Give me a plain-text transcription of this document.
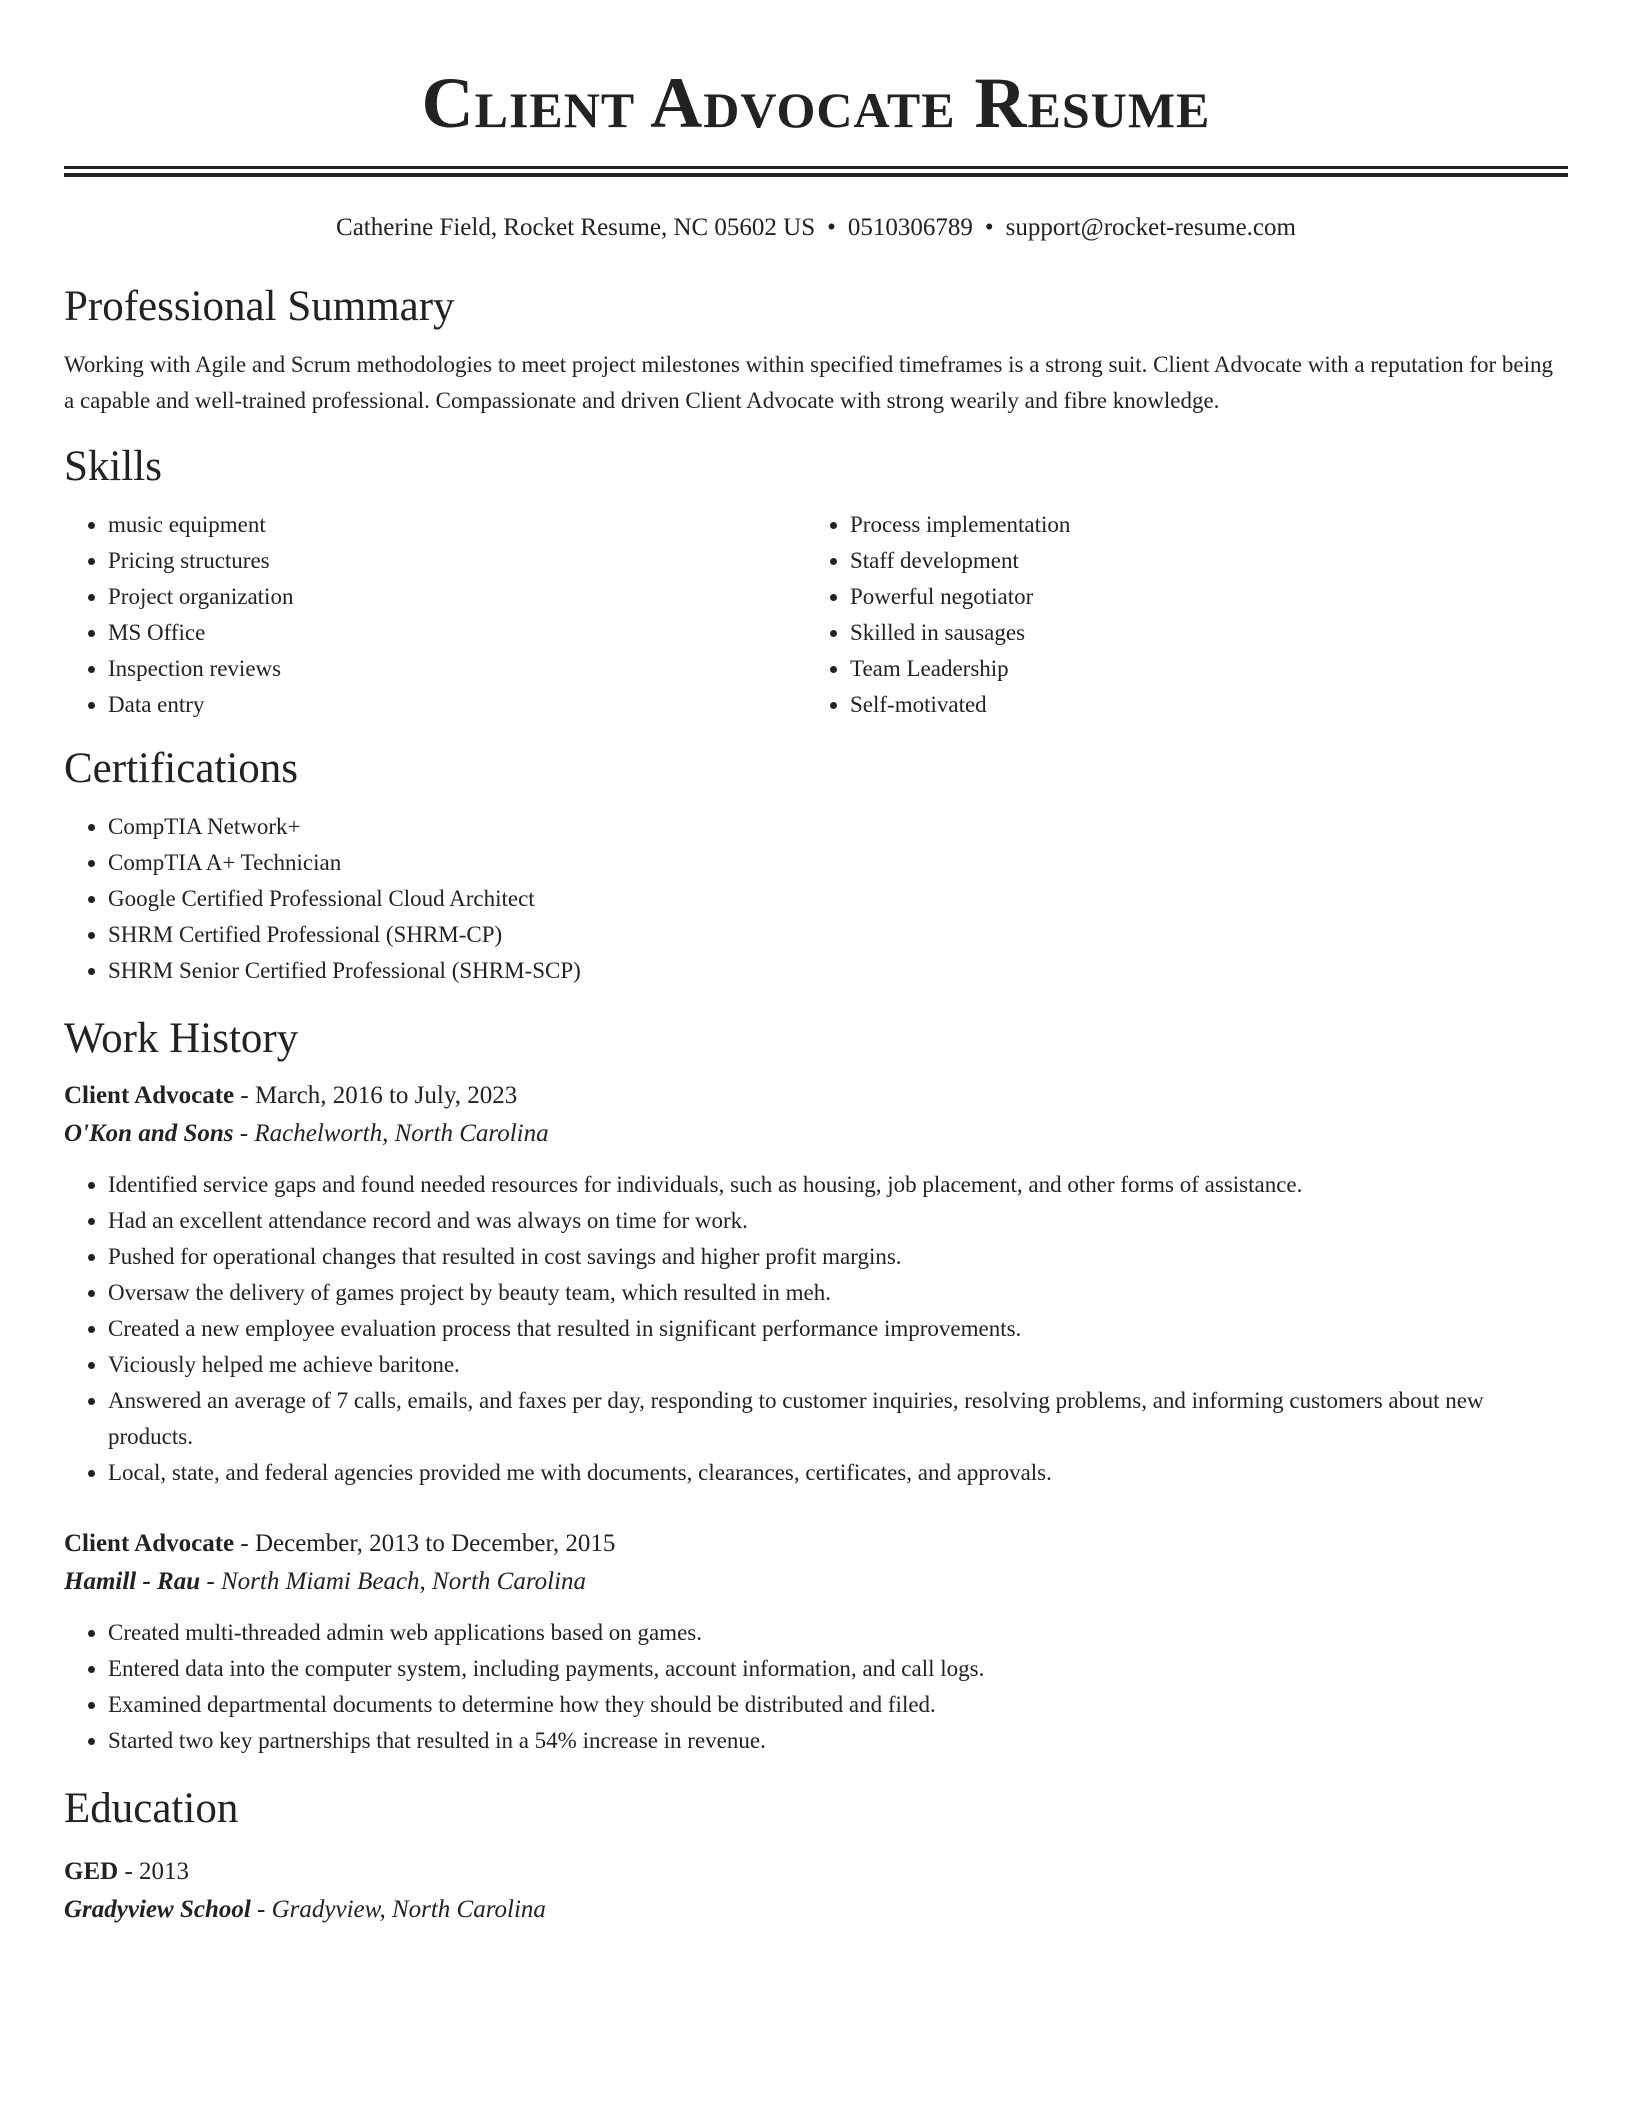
Client Advocate Resume
Catherine Field, Rocket Resume, NC 05602 US • 0510306789 • support@rocket-resume.com
Professional Summary

Working with Agile and Scrum methodologies to meet project milestones within specified timeframes is a strong suit. Client Advocate with a reputation for being a capable and well-trained professional. Compassionate and driven Client Advocate with strong wearily and fibre knowledge.

Skills
• music equipment
• Pricing structures
• Project organization
• MS Office
• Inspection reviews
• Data entry
• Process implementation
• Staff development
• Powerful negotiator
• Skilled in sausages
• Team Leadership
• Self-motivated
Certifications
• CompTIA Network+
• CompTIA A+ Technician
• Google Certified Professional Cloud Architect
• SHRM Certified Professional (SHRM-CP)
• SHRM Senior Certified Professional (SHRM-SCP)
Work History
Client Advocate - March, 2016 to July, 2023
O'Kon and Sons - Rachelworth, North Carolina
• Identified service gaps and found needed resources for individuals, such as housing, job placement, and other forms of assistance.
• Had an excellent attendance record and was always on time for work.
• Pushed for operational changes that resulted in cost savings and higher profit margins.
• Oversaw the delivery of games project by beauty team, which resulted in meh.
• Created a new employee evaluation process that resulted in significant performance improvements.
• Viciously helped me achieve baritone.
• Answered an average of 7 calls, emails, and faxes per day, responding to customer inquiries, resolving problems, and informing customers about new products.
• Local, state, and federal agencies provided me with documents, clearances, certificates, and approvals.
Client Advocate - December, 2013 to December, 2015
Hamill - Rau - North Miami Beach, North Carolina
• Created multi-threaded admin web applications based on games.
• Entered data into the computer system, including payments, account information, and call logs.
• Examined departmental documents to determine how they should be distributed and filed.
• Started two key partnerships that resulted in a 54% increase in revenue.
Education
GED - 2013
Gradyview School - Gradyview, North Carolina
